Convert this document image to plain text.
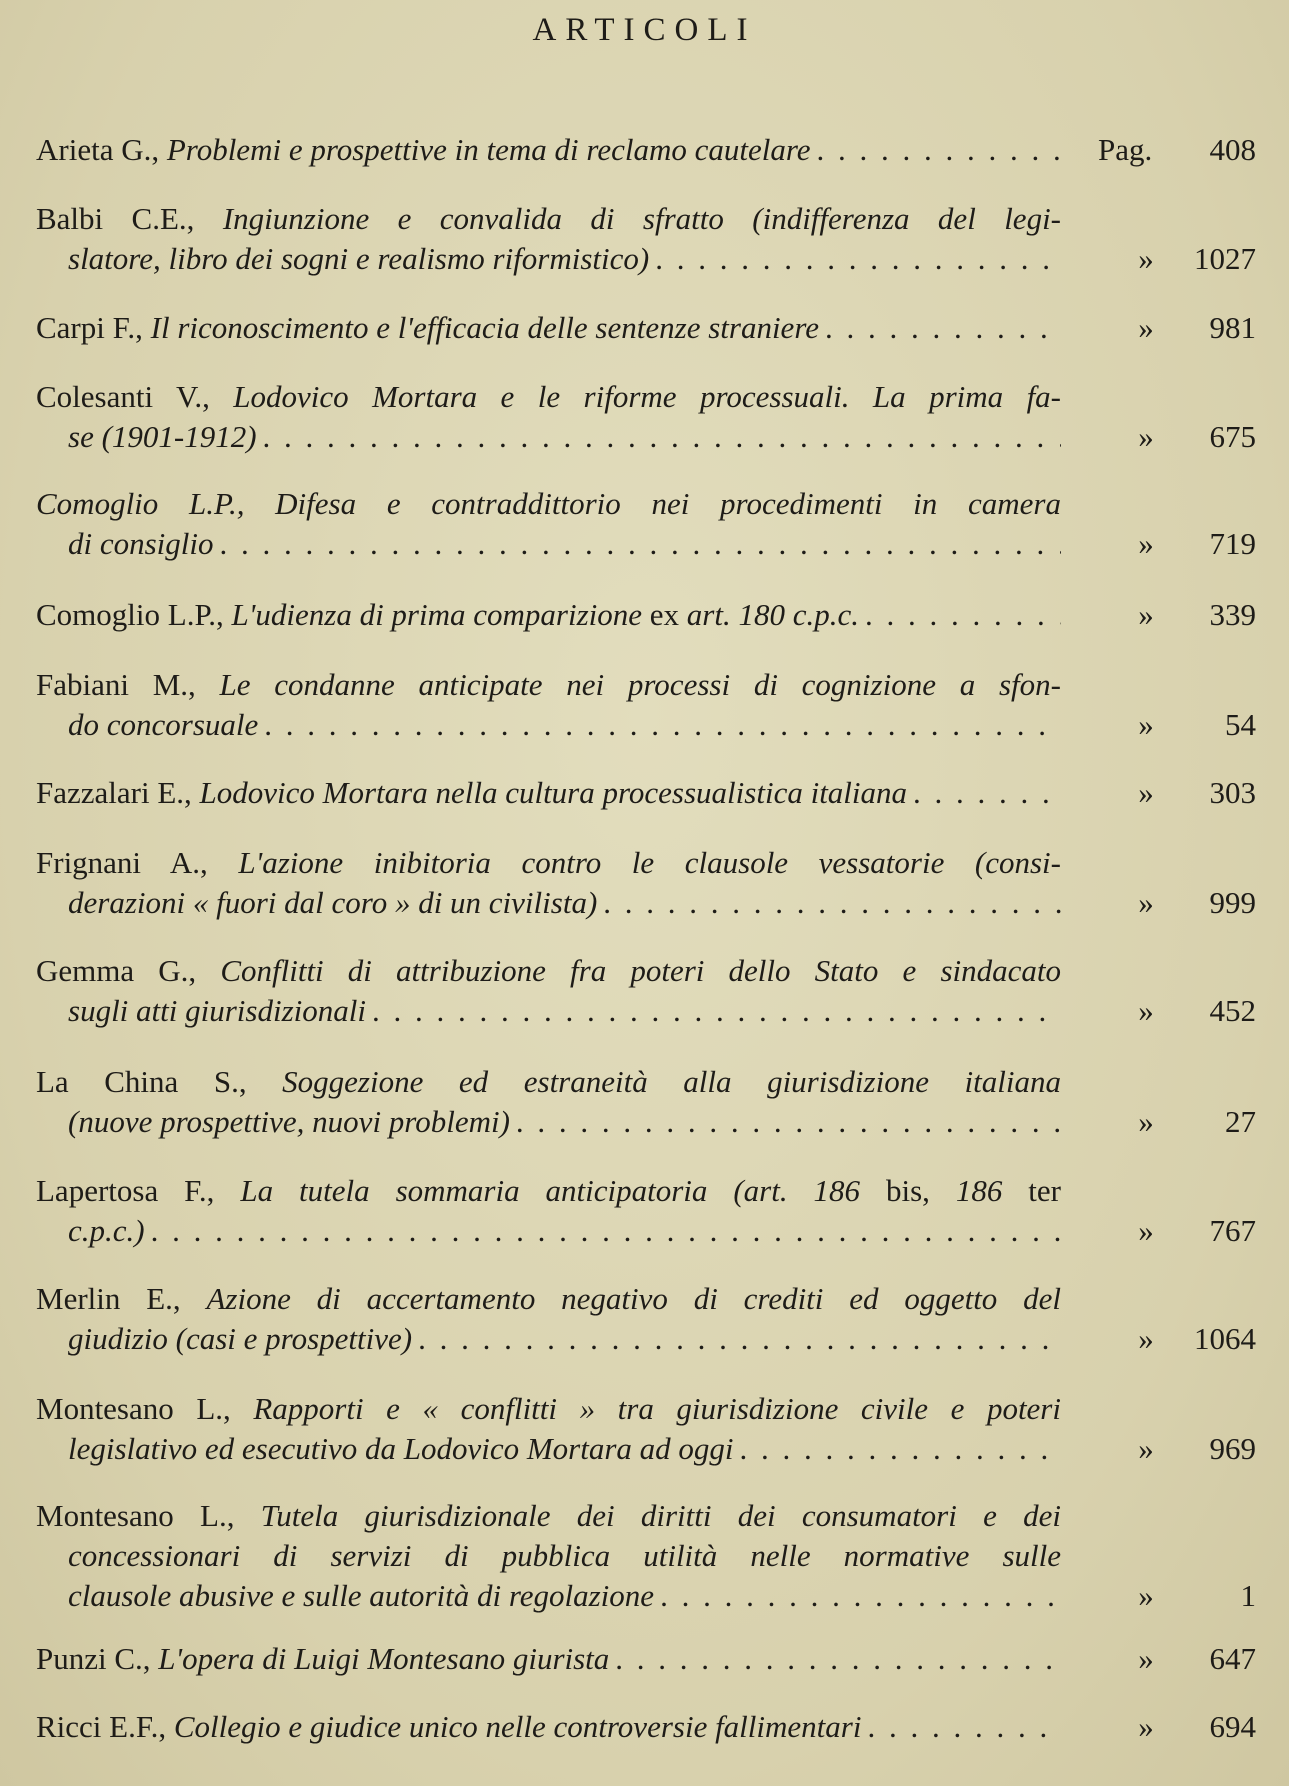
ARTICOLI
Arieta G., Problemi e prospettive in tema di reclamo cautelare . . .	Pag. 408
Balbi C.E., Ingiunzione e convalida di sfratto (indifferenza del legi-
slatore, libro dei sogni e realismo riformistico) . . .	»	1027
Carpi F., Il riconoscimento e l'efficacia delle sentenze straniere . . .	»	981
Colesanti V., Lodovico Mortara e le riforme processuali. La prima fa-
se (1901-1912) . . .	»	675
Comoglio L.P., Difesa e contraddittorio nei procedimenti in camera
di consiglio . . .	»	719
Comoglio L.P., L'udienza di prima comparizione ex art. 180 c.p.c. . . .	»	339
Fabiani M., Le condanne anticipate nei processi di cognizione a sfon-
do concorsuale . . .	»	54
Fazzalari E., Lodovico Mortara nella cultura processualistica italiana . . .	»	303
Frignani A., L'azione inibitoria contro le clausole vessatorie (consi-
derazioni « fuori dal coro » di un civilista) . . .	»	999
Gemma G., Conflitti di attribuzione fra poteri dello Stato e sindacato
sugli atti giurisdizionali . . .	»	452
La China S., Soggezione ed estraneità alla giurisdizione italiana
(nuove prospettive, nuovi problemi) . . .	»	27
Lapertosa F., La tutela sommaria anticipatoria (art. 186 bis, 186 ter
c.p.c.) . . .	»	767
Merlin E., Azione di accertamento negativo di crediti ed oggetto del
giudizio (casi e prospettive) . . .	»	1064
Montesano L., Rapporti e « conflitti » tra giurisdizione civile e poteri
legislativo ed esecutivo da Lodovico Mortara ad oggi . . .	»	969
Montesano L., Tutela giurisdizionale dei diritti dei consumatori e dei
concessionari di servizi di pubblica utilità nelle normative sulle
clausole abusive e sulle autorità di regolazione . . .	»	1
Punzi C., L'opera di Luigi Montesano giurista . . .	»	647
Ricci E.F., Collegio e giudice unico nelle controversie fallimentari . . .	»	694
